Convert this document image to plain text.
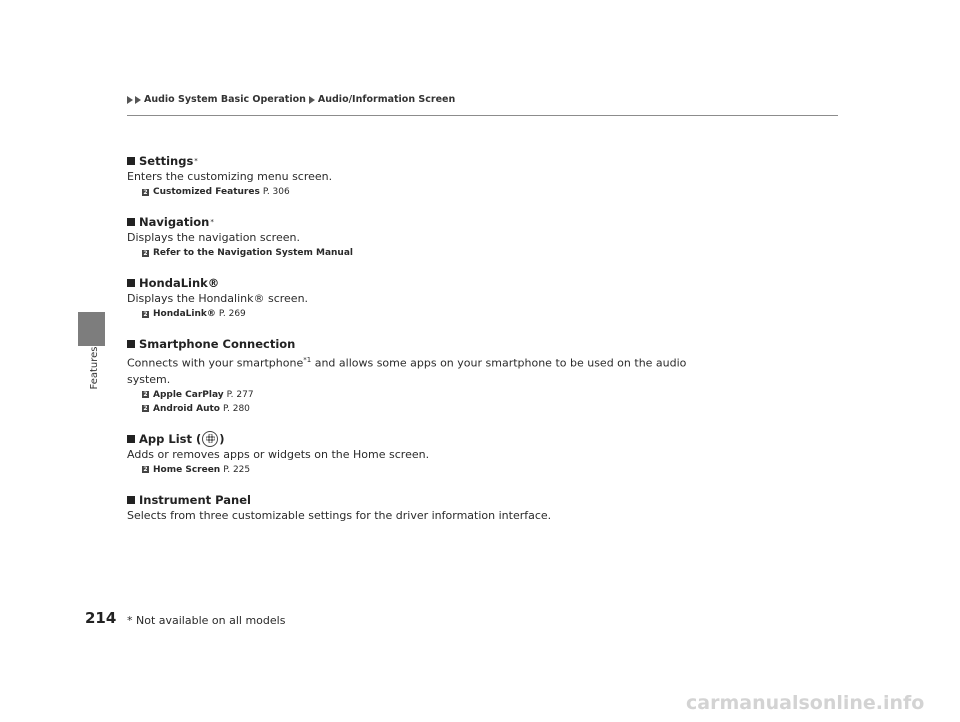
Audio System Basic Operation Audio/Information Screen
Features
Settings *
Enters the customizing menu screen.
2 Customized Features P. 306
Navigation *
Displays the navigation screen.
2 Refer to the Navigation System Manual
HondaLink®
Displays the Hondalink® screen.
2 HondaLink® P. 269
Smartphone Connection
Connects with your smartphone$^{*1}$ and allows some apps on your smartphone to be used on the audio system.
2 Apple CarPlay P. 277
2 Android Auto P. 280
App List ( )
Adds or removes apps or widgets on the Home screen.
2 Home Screen P. 225
Instrument Panel
Selects from three customizable settings for the driver information interface.
214 * Not available on all models
carmanualsonline.info
